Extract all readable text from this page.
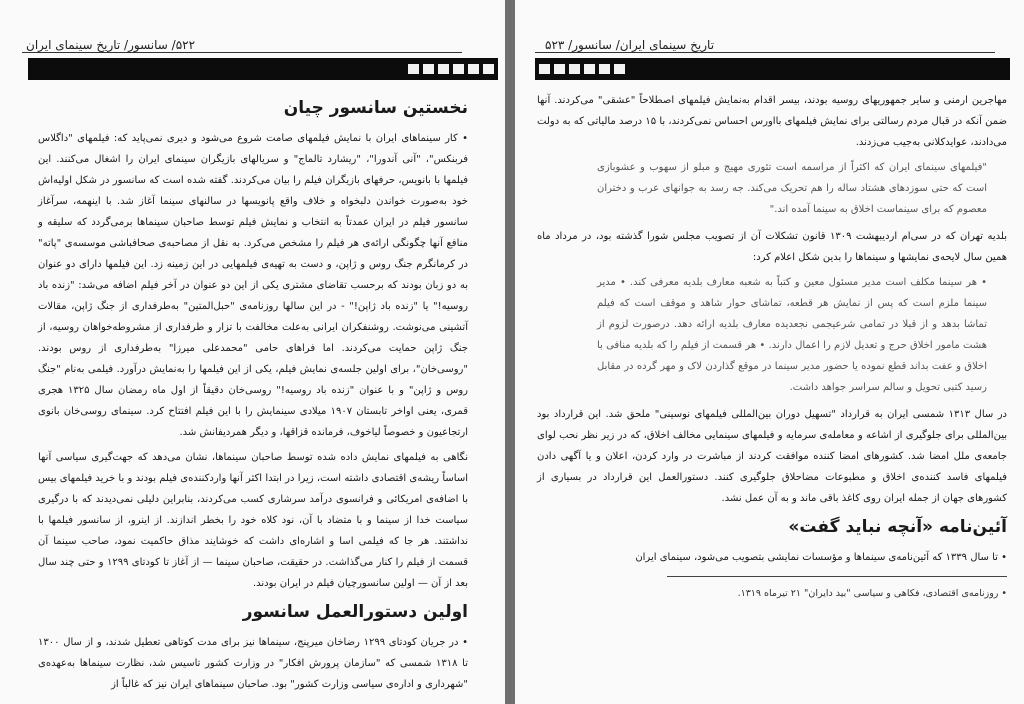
۵۲۲/ سانسور/ تاریخ سینمای ایران
نخستین سانسور چیان

• کار سینماهای ایران با نمایش فیلمهای صامت شروع می‌شود و دیری نمی‌پاید که: فیلمهای "داگلاس فربنکس"، "آنی آندورا"، "ریشارد تالماج" و سریالهای بازیگران سینمای ایران را اشغال می‌کنند. این فیلمها با بانویس، حرفهای بازیگران فیلم را بیان می‌کردند. گفته شده است که سانسور در شکل اولیه‌اش خود به‌صورت خواندن دلبخواه و خلاف واقع پانویسها در سالنهای سینما آغاز شد. با اینهمه، سرآغاز سانسور فیلم در ایران عمدتاً به انتخاب و نمایش فیلم توسط صاحبان سینماها برمی‌گردد که سلیقه و منافع آنها چگونگی ارائه‌ی هر فیلم را مشخص می‌کرد. به نقل از مصاحبه‌ی صحافباشی موسسه‌ی "پاته" در کرمانگرم جنگ روس و ژاپن، و دست به تهیه‌ی فیلمهایی در این زمینه زد. این فیلمها دارای دو عنوان به دو زبان بودند که برحسب تقاضای مشتری یکی از این دو عنوان در آخر فیلم اضافه می‌شد: "زنده باد روسیه!" یا "زنده باد ژاپن!" - در این سالها روزنامه‌ی "حبل‌المتین" به‌طرفداری از جنگ ژاپن، مقالات آتشینی می‌نوشت. روشنفکران ایرانی به‌علت مخالفت با تزار و طرفداری از مشروطه‌خواهان روسیه، از جنگ ژاپن حمایت می‌کردند. اما فراهای حامی "محمدعلی میرزا" به‌طرفداری از روس بودند. "روسی‌خان"، برای اولین جلسه‌ی نمایش فیلم، یکی از این فیلمها را به‌نمایش درآورد. فیلمی به‌نام "جنگ روس و ژاپن" و با عنوان "زنده باد روسیه!" روسی‌خان دقیقاً از اول ماه رمضان سال ۱۳۲۵ هجری قمری، یعنی اواخر تابستان ۱۹۰۷ میلادی سینمایش را با این فیلم افتتاح کرد. سینمای روسی‌خان بانوی ارتجاعیون و خصوصاً لیاخوف، فرمانده قزاقها، و دیگر همردیفانش شد.

نگاهی به فیلمهای نمایش داده شده توسط صاحبان سینماها، نشان می‌دهد که جهت‌گیری سیاسی آنها اساساً ریشه‌ی اقتصادی داشته است، زیرا در ابتدا اکثر آنها واردکننده‌ی فیلم بودند و با خرید فیلمهای بیس با اضافه‌ی امریکائی و فرانسوی درآمد سرشاری کسب می‌کردند، بنابراین دلیلی نمی‌دیدند که با درگیری سیاست خدا از سینما و با متضاد با آن، نود کلاه خود را بخطر اندازند. از اینرو، از سانسور فیلمها با نداشتند. هر جا که فیلمی اسا و اشاره‌ای داشت که خوشایند مذاق حاکمیت نمود، صاحب سینما آن قسمت از فیلم را کنار می‌گذاشت. در حقیقت، صاحبان سینما — از آغاز تا کودتای ۱۲۹۹ و حتی چند سال بعد از آن — اولین سانسورچیان فیلم در ایران بودند.

اولین دستورالعمل سانسور

• در جریان کودتای ۱۲۹۹ رضاخان میرپنج، سینماها نیز برای مدت کوتاهی تعطیل شدند، و از سال ۱۳۰۰ تا ۱۳۱۸ شمسی که "سازمان پرورش افکار" در وزارت کشور تاسیس شد، نظارت سینماها به‌عهده‌ی "شهرداری و اداره‌ی سیاسی وزارت کشور" بود. صاحبان سینماهای ایران نیز که غالباً از

تاریخ سینمای ایران/ سانسور/ ۵۲۳

مهاجرین ارمنی و سایر جمهوریهای روسیه بودند، بیسر اقدام به‌نمایش فیلمهای اصطلاحاً "عشقی" می‌کردند. آنها ضمن آنکه در قبال مردم رسالتی برای نمایش فیلمهای بااورس احساس نمی‌کردند، با ۱۵ درصد مالیاتی که به دولت می‌دادند، عوایدکلانی به‌جیب می‌زدند.

"فیلمهای سینمای ایران که اکثراً از مراسمه است تئوری مهیج و مبلو از سهوب و عشوبازی است که حتی سوزدهای هشتاد ساله را هم تحریک می‌کند. جه رسد به جوانهای عرب و دختران معصوم که برای سینماست اخلاق به سینما آمده اند."

بلدیه تهران که در سی‌ام اردیبهشت ۱۳۰۹ قانون تشکلات آن از تصویب مجلس شورا گذشته بود، در مرداد ماه همین سال لایحه‌ی نمایشها و سینماها را بدین شکل اعلام کرد:

• هر سینما مکلف است مدیر مسئول معین و کتباً به شعبه معارف بلدیه معرفی کند. • مدیر سینما ملزم است که پس از نمایش هر قطعه، تماشای حوار شاهد و موقف است که فیلم تماشا بدهد و از قبلا در تمامی شرعیجمی نجعدیده معارف بلدیه ارائه دهد. درصورت لزوم از هشت مامور اخلاق حرج و تعدیل لازم را اعمال دارند. • هر قسمت از فیلم را که بلدیه منافی با اخلاق و عفت بداند قطع نموده یا حضور مدیر سینما در موقع گذاردن لاک و مهر گرده در مقابل رسید کتبی تحویل و سالم سراسر جواهد داشت.

در سال ۱۳۱۳ شمسی ایران به قرارداد "تسهیل دوران بین‌المللی فیلمهای نوسینی" ملحق شد. این قرارداد بود بین‌المللی برای جلوگیری از اشاعه و معامله‌ی سرمایه و فیلمهای سینمایی مخالف اخلاق، که در زیر نظر نحب لوای جامعه‌ی ملل امضا شد. کشورهای امضا کننده موافقت کردند از مباشرت در وارد کردن، اعلان و یا آگهی دادن فیلمهای فاسد کننده‌ی اخلاق و مطبوعات مضاحلاق جلوگیری کنند. دستورالعمل این قرارداد در بسیاری از کشورهای جهان از جمله ایران روی کاغذ باقی ماند و به آن عمل نشد.

آئین‌نامه «آنچه نباید گفت»

• تا سال ۱۳۳۹ که آئین‌نامه‌ی سینماها و مؤسسات نمایشی بتصویب می‌شود، سینمای ایران

• روزنامه‌ی اقتصادی، فکاهی و سیاسی "بید دایران" ۲۱ تیرماه ۱۳۱۹.
